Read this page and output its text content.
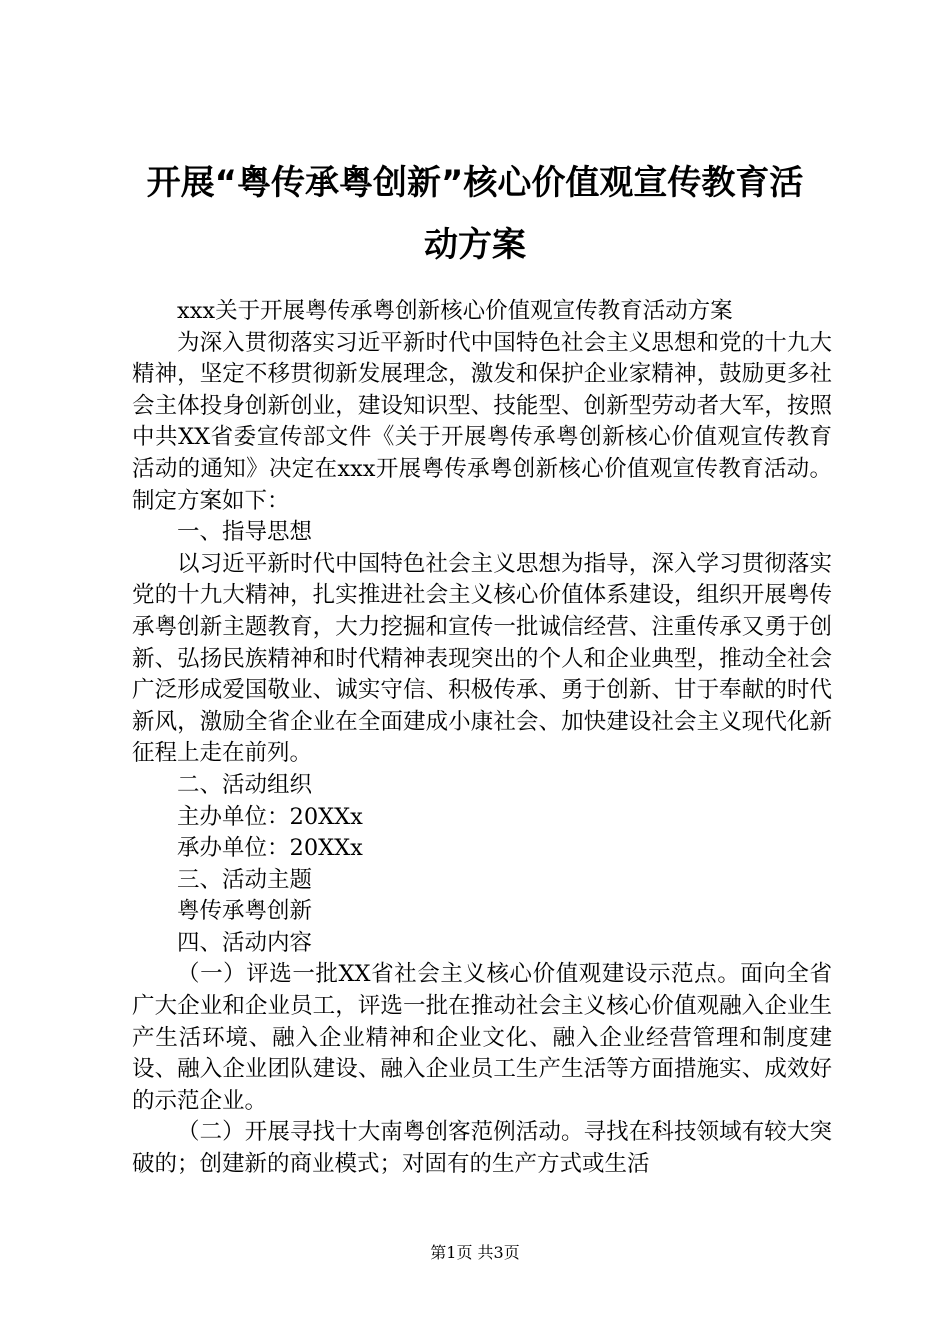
开展“粤传承粤创新”核心价值观宣传教育活
动方案

xxx关于开展粤传承粤创新核心价值观宣传教育活动方案

为深入贯彻落实习近平新时代中国特色社会主义思想和党的十九大精神，坚定不移贯彻新发展理念，激发和保护企业家精神，鼓励更多社会主体投身创新创业，建设知识型、技能型、创新型劳动者大军，按照中共XX省委宣传部文件《关于开展粤传承粤创新核心价值观宣传教育活动的通知》决定在xxx开展粤传承粤创新核心价值观宣传教育活动。制定方案如下：

一、指导思想

以习近平新时代中国特色社会主义思想为指导，深入学习贯彻落实党的十九大精神，扎实推进社会主义核心价值体系建设，组织开展粤传承粤创新主题教育，大力挖掘和宣传一批诚信经营、注重传承又勇于创新、弘扬民族精神和时代精神表现突出的个人和企业典型，推动全社会广泛形成爱国敬业、诚实守信、积极传承、勇于创新、甘于奉献的时代新风，激励全省企业在全面建成小康社会、加快建设社会主义现代化新征程上走在前列。

二、活动组织

主办单位：20XXx

承办单位：20XXx

三、活动主题

粤传承粤创新

四、活动内容

（一）评选一批XX省社会主义核心价值观建设示范点。面向全省广大企业和企业员工，评选一批在推动社会主义核心价值观融入企业生产生活环境、融入企业精神和企业文化、融入企业经营管理和制度建设、融入企业团队建设、融入企业员工生产生活等方面措施实、成效好的示范企业。

（二）开展寻找十大南粤创客范例活动。寻找在科技领域有较大突破的；创建新的商业模式；对固有的生产方式或生活

第1页 共3页
